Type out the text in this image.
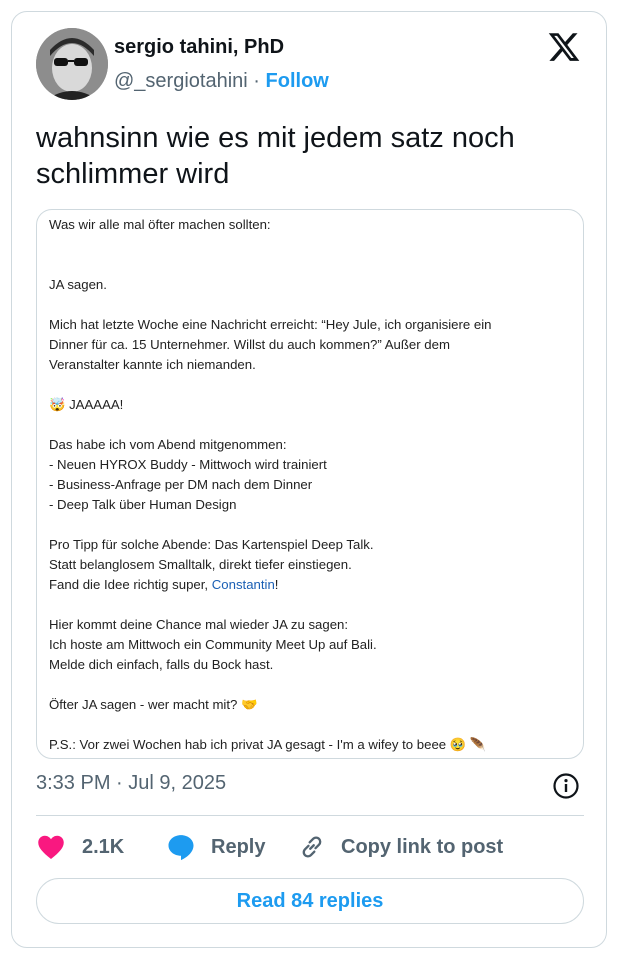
sergio tahini, PhD
@_sergiotahini · Follow
wahnsinn wie es mit jedem satz noch
schlimmer wird
Was wir alle mal öfter machen sollten:
JA sagen.
Mich hat letzte Woche eine Nachricht erreicht: “Hey Jule, ich organisiere ein
Dinner für ca. 15 Unternehmer. Willst du auch kommen?” Außer dem
Veranstalter kannte ich niemanden.
🤯 JAAAAA!
Das habe ich vom Abend mitgenommen:
- Neuen HYROX Buddy - Mittwoch wird trainiert
- Business-Anfrage per DM nach dem Dinner
- Deep Talk über Human Design
Pro Tipp für solche Abende: Das Kartenspiel Deep Talk.
Statt belanglosem Smalltalk, direkt tiefer einstiegen.
Fand die Idee richtig super, Constantin!
Hier kommt deine Chance mal wieder JA zu sagen:
Ich hoste am Mittwoch ein Community Meet Up auf Bali.
Melde dich einfach, falls du Bock hast.
Öfter JA sagen - wer macht mit? 🤝
P.S.: Vor zwei Wochen hab ich privat JA gesagt - I'm a wifey to beee 🥹 🪶
3:33 PM · Jul 9, 2025
2.1K	Reply	Copy link to post
Read 84 replies
